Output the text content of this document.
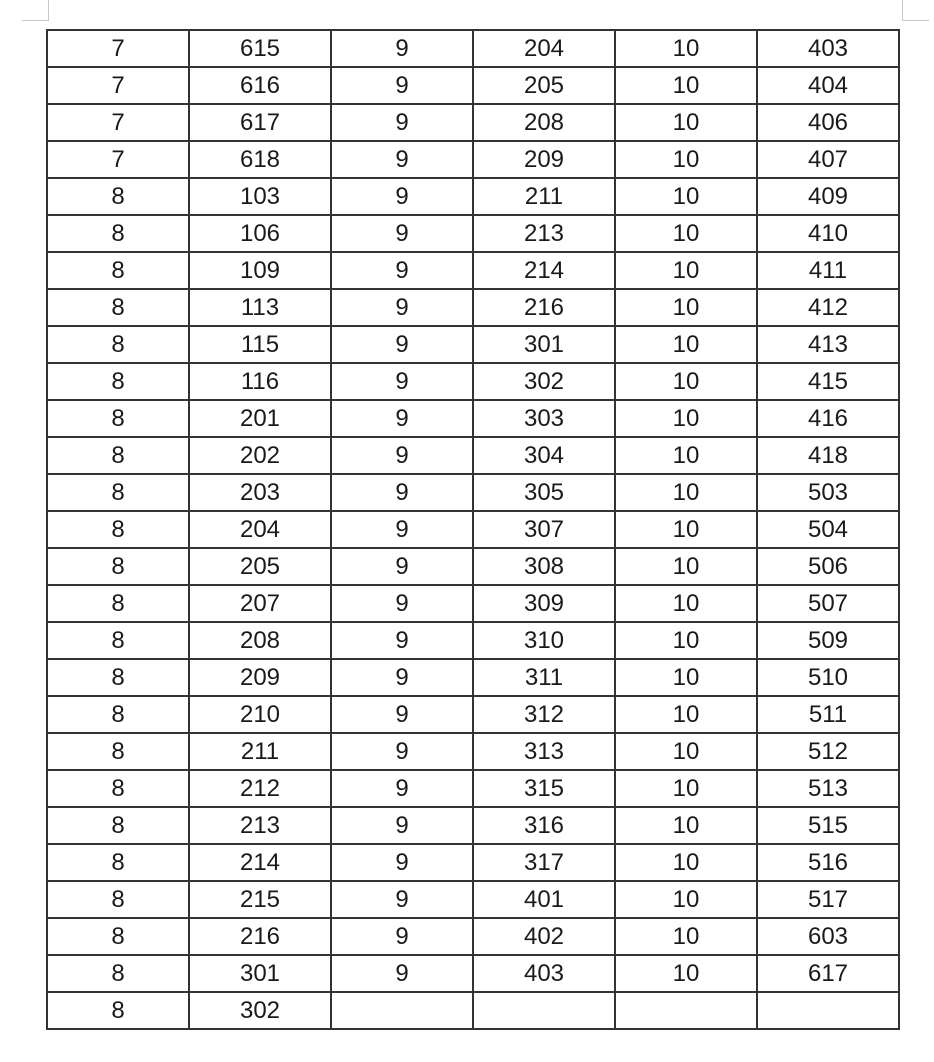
7	615	9	204	10	403
7	616	9	205	10	404
7	617	9	208	10	406
7	618	9	209	10	407
8	103	9	211	10	409
8	106	9	213	10	410
8	109	9	214	10	411
8	113	9	216	10	412
8	115	9	301	10	413
8	116	9	302	10	415
8	201	9	303	10	416
8	202	9	304	10	418
8	203	9	305	10	503
8	204	9	307	10	504
8	205	9	308	10	506
8	207	9	309	10	507
8	208	9	310	10	509
8	209	9	311	10	510
8	210	9	312	10	511
8	211	9	313	10	512
8	212	9	315	10	513
8	213	9	316	10	515
8	214	9	317	10	516
8	215	9	401	10	517
8	216	9	402	10	603
8	301	9	403	10	617
8	302				
